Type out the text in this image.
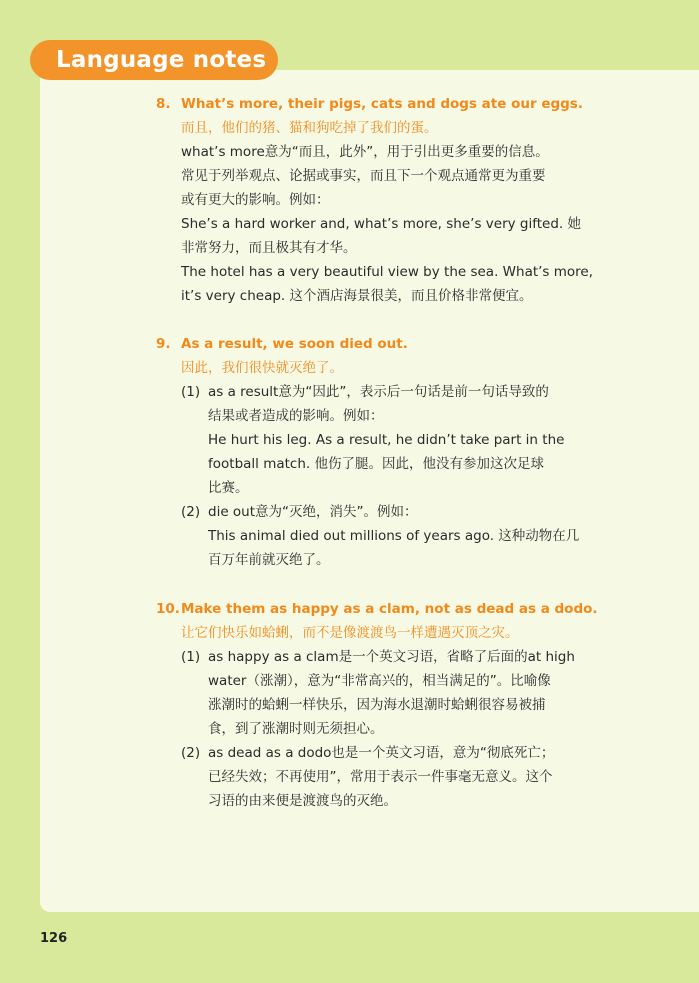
Language notes
8. What’s more, their pigs, cats and dogs ate our eggs.
而且，他们的猪、猫和狗吃掉了我们的蛋。
what’s more意为“而且，此外”，用于引出更多重要的信息。
常见于列举观点、论据或事实，而且下一个观点通常更为重要
或有更大的影响。例如：
She’s a hard worker and, what’s more, she’s very gifted. 她
非常努力，而且极其有才华。
The hotel has a very beautiful view by the sea. What’s more,
it’s very cheap. 这个酒店海景很美，而且价格非常便宜。
9. As a result, we soon died out.
因此，我们很快就灭绝了。
(1) as a result意为“因此”，表示后一句话是前一句话导致的
结果或者造成的影响。例如：
He hurt his leg. As a result, he didn’t take part in the
football match. 他伤了腿。因此，他没有参加这次足球
比赛。
(2) die out意为“灭绝，消失”。例如：
This animal died out millions of years ago. 这种动物在几
百万年前就灭绝了。
10. Make them as happy as a clam, not as dead as a dodo.
让它们快乐如蛤蜊，而不是像渡渡鸟一样遭遇灭顶之灾。
(1) as happy as a clam是一个英文习语，省略了后面的at high
water（涨潮），意为“非常高兴的，相当满足的”。比喻像
涨潮时的蛤蜊一样快乐，因为海水退潮时蛤蜊很容易被捕
食，到了涨潮时则无须担心。
(2) as dead as a dodo也是一个英文习语，意为“彻底死亡；
已经失效；不再使用”，常用于表示一件事毫无意义。这个
习语的由来便是渡渡鸟的灭绝。
126
